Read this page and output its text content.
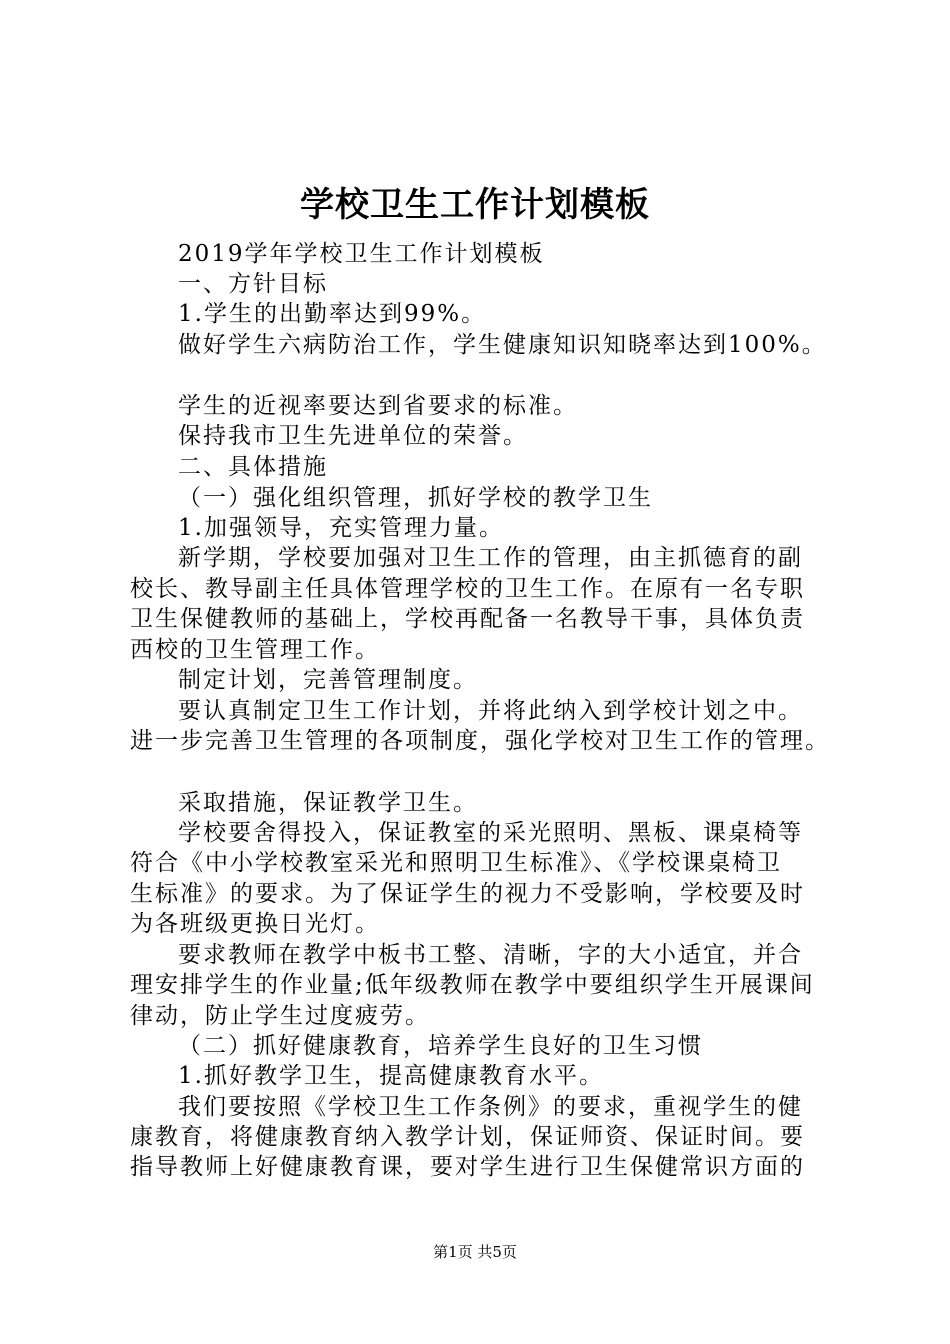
学校卫生工作计划模板
2019学年学校卫生工作计划模板
一、方针目标
1.学生的出勤率达到99%。
做好学生六病防治工作，学生健康知识知晓率达到100%。
学生的近视率要达到省要求的标准。
保持我市卫生先进单位的荣誉。
二、具体措施
（一）强化组织管理，抓好学校的教学卫生
1.加强领导，充实管理力量。
新学期，学校要加强对卫生工作的管理，由主抓德育的副
校长、教导副主任具体管理学校的卫生工作。在原有一名专职
卫生保健教师的基础上，学校再配备一名教导干事，具体负责
西校的卫生管理工作。
制定计划，完善管理制度。
要认真制定卫生工作计划，并将此纳入到学校计划之中。
进一步完善卫生管理的各项制度，强化学校对卫生工作的管理。
采取措施，保证教学卫生。
学校要舍得投入，保证教室的采光照明、黑板、课桌椅等
符合《中小学校教室采光和照明卫生标准》、《学校课桌椅卫
生标准》的要求。为了保证学生的视力不受影响，学校要及时
为各班级更换日光灯。
要求教师在教学中板书工整、清晰，字的大小适宜，并合
理安排学生的作业量;低年级教师在教学中要组织学生开展课间
律动，防止学生过度疲劳。
（二）抓好健康教育，培养学生良好的卫生习惯
1.抓好教学卫生，提高健康教育水平。
我们要按照《学校卫生工作条例》的要求，重视学生的健
康教育，将健康教育纳入教学计划，保证师资、保证时间。要
指导教师上好健康教育课，要对学生进行卫生保健常识方面的
第1页 共5页
